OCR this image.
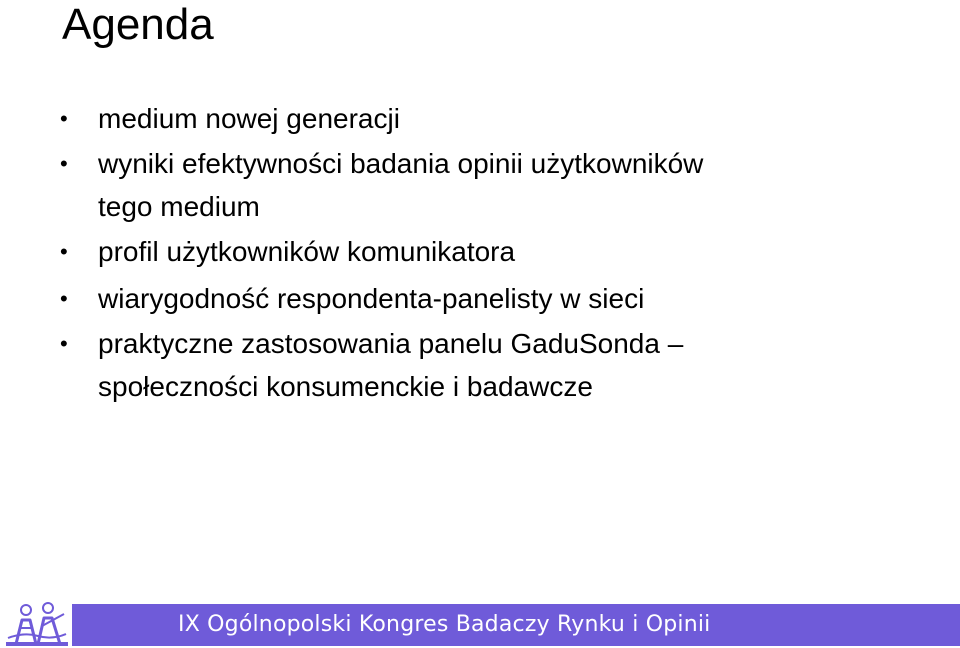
Agenda
• medium nowej generacji
• wyniki efektywności badania opinii użytkowników
tego medium
• profil użytkowników komunikatora
• wiarygodność respondenta-panelisty w sieci
• praktyczne zastosowania panelu GaduSonda –
społeczności konsumenckie i badawcze
IX Ogólnopolski Kongres Badaczy Rynku i Opinii
